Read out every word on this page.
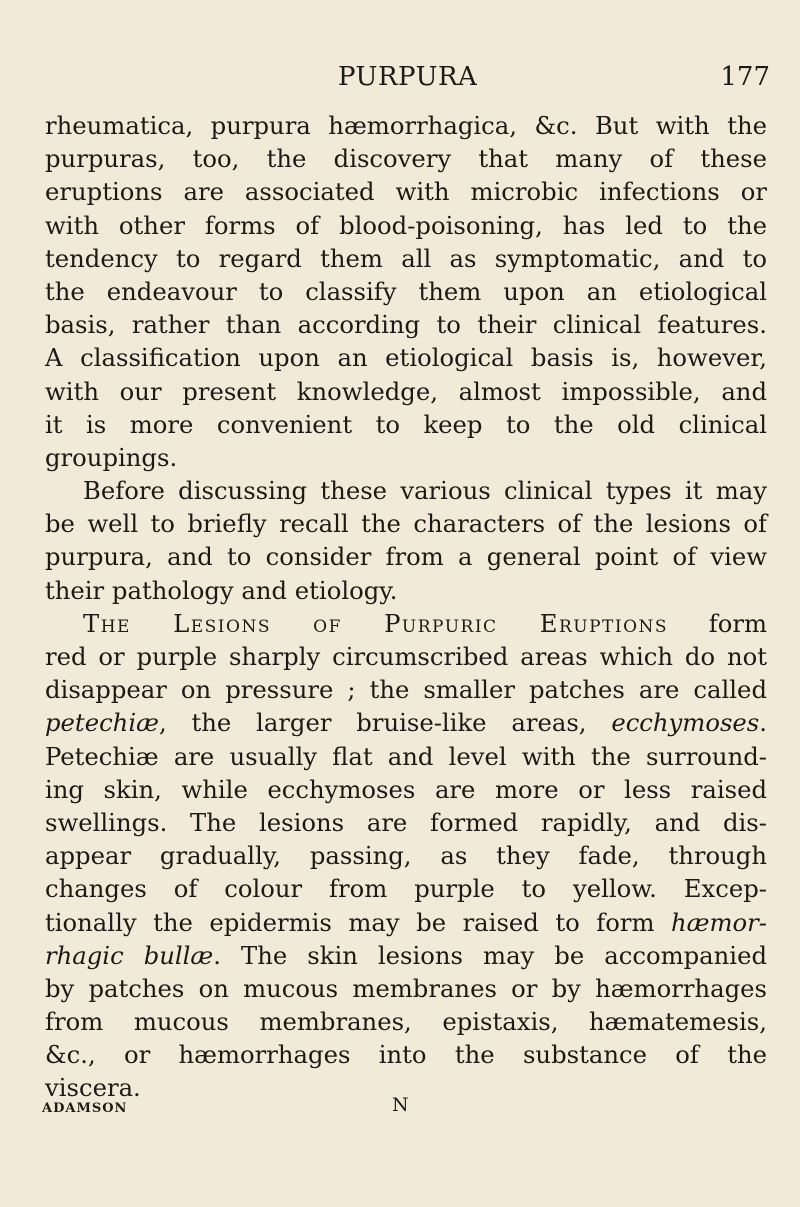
PURPURA	177
rheumatica, purpura hæmorrhagica, &c. But with the
purpuras, too, the discovery that many of these
eruptions are associated with microbic infections or
with other forms of blood-poisoning, has led to the
tendency to regard them all as symptomatic, and to
the endeavour to classify them upon an etiological
basis, rather than according to their clinical features.
A classification upon an etiological basis is, however,
with our present knowledge, almost impossible, and
it is more convenient to keep to the old clinical
groupings.
Before discussing these various clinical types it may
be well to briefly recall the characters of the lesions of
purpura, and to consider from a general point of view
their pathology and etiology.
The Lesions of Purpuric Eruptions form
red or purple sharply circumscribed areas which do not
disappear on pressure ; the smaller patches are called
petechiæ, the larger bruise-like areas, ecchymoses.
Petechiæ are usually flat and level with the surround-
ing skin, while ecchymoses are more or less raised
swellings. The lesions are formed rapidly, and dis-
appear gradually, passing, as they fade, through
changes of colour from purple to yellow. Excep-
tionally the epidermis may be raised to form hæmor-
rhagic bullæ. The skin lesions may be accompanied
by patches on mucous membranes or by hæmorrhages
from mucous membranes, epistaxis, hæmatemesis,
&c., or hæmorrhages into the substance of the
viscera.
ADAMSON	N
